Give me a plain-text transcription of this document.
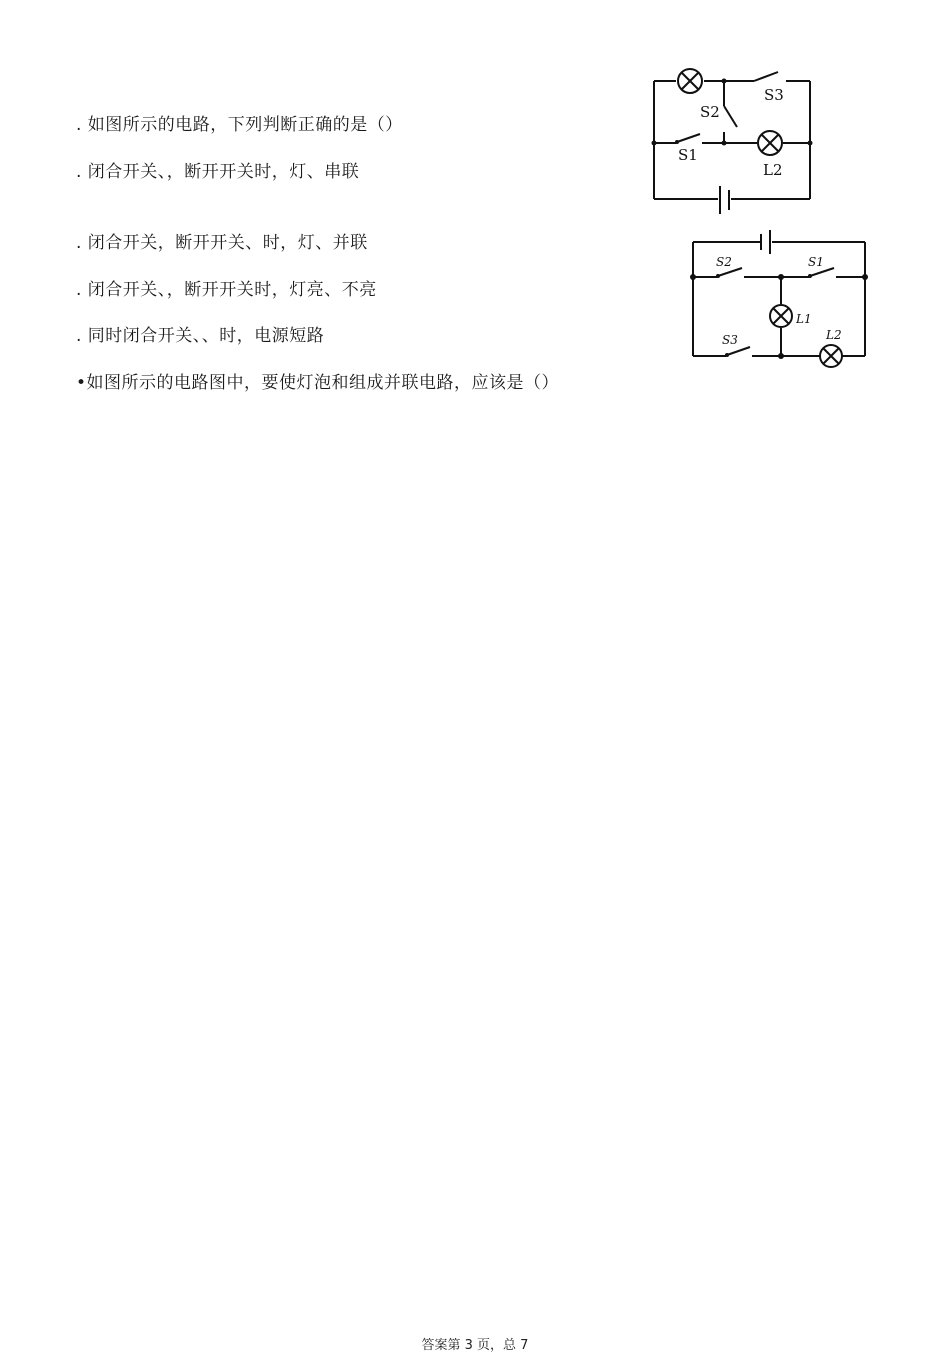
. 如图所示的电路，下列判断正确的是（）
. 闭合开关、，断开开关时，灯、串联
. 闭合开关，断开开关、时，灯、并联
. 闭合开关、，断开开关时，灯亮、不亮
. 同时闭合开关、、时，电源短路
•如图所示的电路图中，要使灯泡和组成并联电路，应该是（）
S3
S2
S1
L2
S2	S1
L1
S3	L2
答案第 3 页，总 7
